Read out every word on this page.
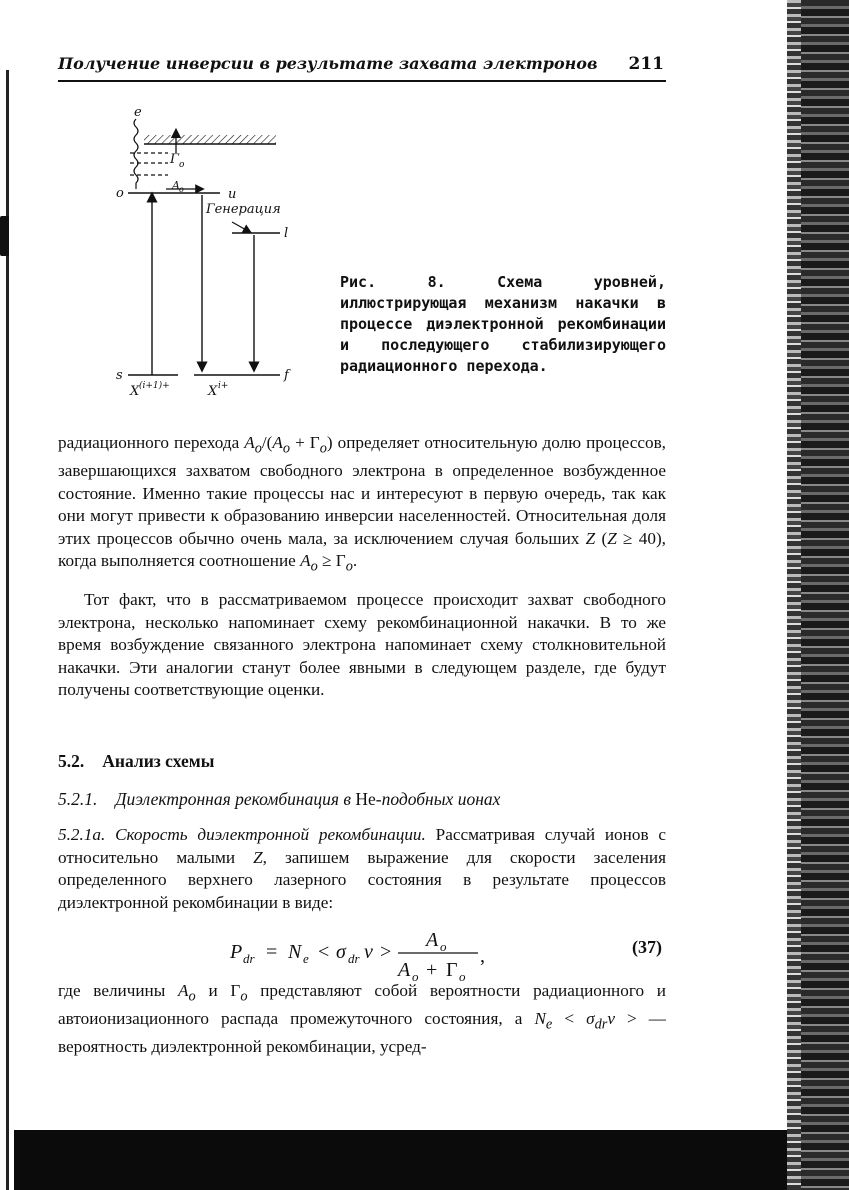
Получение инверсии в результате захвата электронов 211
e
Γ o
A o
o	u
Генерация
l
s	f
X (i+1)+	X i+
Рис. 8.	Схема уровней, иллюстрирующая механизм накачки в процессе диэлектронной рекомбинации и последующего стабилизирующего радиационного перехода.
радиационного перехода $A_o/(A_o + \Gamma_o)$ определяет относительную долю процессов, завершающихся захватом свободного электрона в определенное возбужденное состояние. Именно такие процессы нас и интересуют в первую очередь, так как они могут привести к образованию инверсии населенностей. Относительная доля этих процессов обычно очень мала, за исключением случая больших Z (Z ≥ 40), когда выполняется соотношение $A_o \ge \Gamma_o$.
Тот факт, что в рассматриваемом процессе происходит захват свободного электрона, несколько напоминает схему рекомбинационной накачки. В то же время возбуждение связанного электрона напоминает схему столкновительной накачки. Эти аналогии станут более явными в следующем разделе, где будут получены соответствующие оценки.
5.2. Анализ схемы
5.2.1. Диэлектронная рекомбинация в Не-подобных ионах
5.2.1а. Скорость диэлектронной рекомбинации. Рассматривая случай ионов с относительно малыми Z, запишем выражение для скорости заселения определенного верхнего лазерного состояния в результате процессов диэлектронной рекомбинации в виде:
P dr = N e < σ dr v >
A o
A o + Γ o
,	(37)
где величины $A_o$ и $\Gamma_o$ представляют собой вероятности радиационного и автоионизационного распада промежуточного состояния, а $N_e < \sigma_{dr}v$ > — вероятность диэлектронной рекомбинации, усред-
